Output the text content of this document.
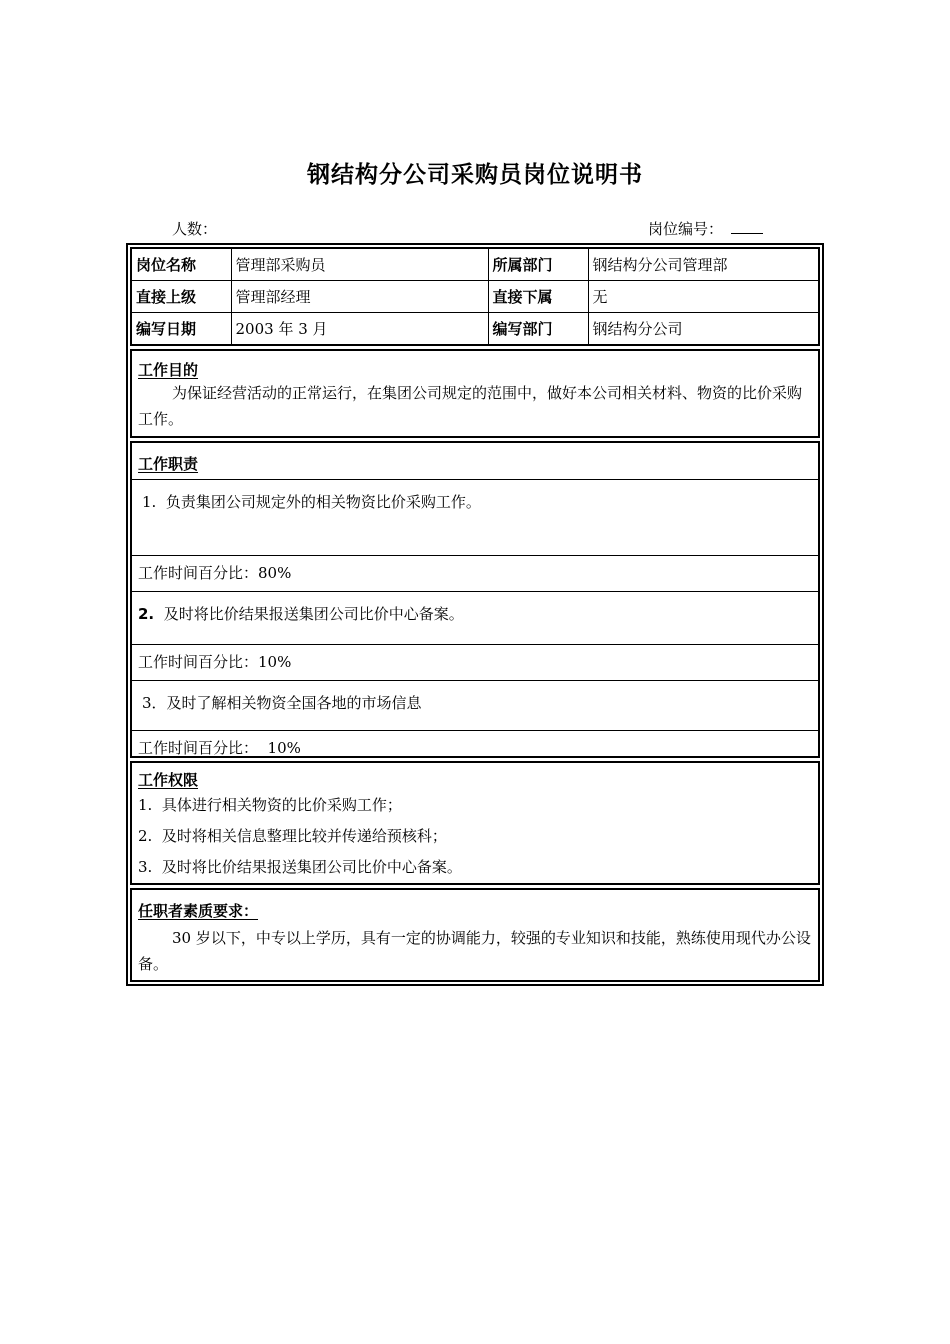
钢结构分公司采购员岗位说明书
人数：	岗位编号：
岗位名称	管理部采购员	所属部门	钢结构分公司管理部
直接上级	管理部经理	直接下属	无
编写日期	2003 年 3 月	编写部门	钢结构分公司
工作目的
为保证经营活动的正常运行，在集团公司规定的范围中，做好本公司相关材料、物资的比价采购工作。
工作职责
1. 负责集团公司规定外的相关物资比价采购工作。
工作时间百分比：80%
2. 及时将比价结果报送集团公司比价中心备案。
工作时间百分比：10%
3．及时了解相关物资全国各地的市场信息
工作时间百分比：  10%
工作权限
1.  具体进行相关物资的比价采购工作；
2.  及时将相关信息整理比较并传递给预核科；
3.  及时将比价结果报送集团公司比价中心备案。
任职者素质要求：
30 岁以下，中专以上学历，具有一定的协调能力，较强的专业知识和技能，熟练使用现代办公设备。
